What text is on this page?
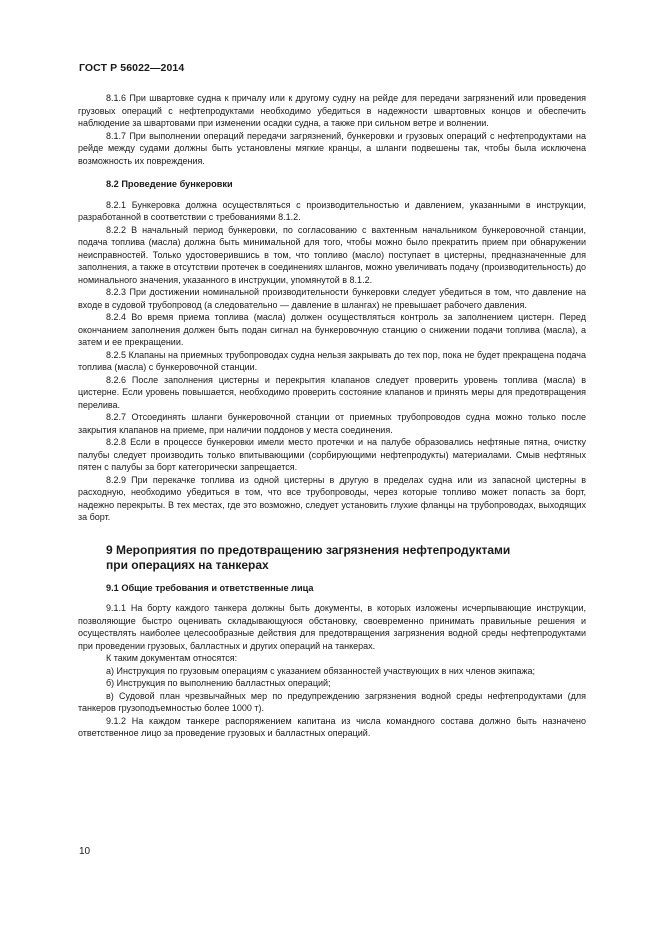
ГОСТ Р 56022—2014

8.1.6 При швартовке судна к причалу или к другому судну на рейде для передачи загрязнений или проведения грузовых операций с нефтепродуктами необходимо убедиться в надежности швартовных концов и обеспечить наблюдение за швартовами при изменении осадки судна, а также при сильном ветре и волнении.

8.1.7 При выполнении операций передачи загрязнений, бункеровки и грузовых операций с нефтепродуктами на рейде между судами должны быть установлены мягкие кранцы, а шланги подвешены так, чтобы была исключена возможность их повреждения.

8.2 Проведение бункеровки

8.2.1 Бункеровка должна осуществляться с производительностью и давлением, указанными в инструкции, разработанной в соответствии с требованиями 8.1.2.

8.2.2 В начальный период бункеровки, по согласованию с вахтенным начальником бункеровочной станции, подача топлива (масла) должна быть минимальной для того, чтобы можно было прекратить прием при обнаружении неисправностей. Только удостоверившись в том, что топливо (масло) поступает в цистерны, предназначенные для заполнения, а также в отсутствии протечек в соединениях шлангов, можно увеличивать подачу (производительность) до номинального значения, указанного в инструкции, упомянутой в 8.1.2.

8.2.3 При достижении номинальной производительности бункеровки следует убедиться в том, что давление на входе в судовой трубопровод (а следовательно — давление в шлангах) не превышает рабочего давления.

8.2.4 Во время приема топлива (масла) должен осуществляться контроль за заполнением цистерн. Перед окончанием заполнения должен быть подан сигнал на бункеровочную станцию о снижении подачи топлива (масла), а затем и ее прекращении.

8.2.5 Клапаны на приемных трубопроводах судна нельзя закрывать до тех пор, пока не будет прекращена подача топлива (масла) с бункеровочной станции.

8.2.6 После заполнения цистерны и перекрытия клапанов следует проверить уровень топлива (масла) в цистерне. Если уровень повышается, необходимо проверить состояние клапанов и принять меры для предотвращения перелива.

8.2.7 Отсоединять шланги бункеровочной станции от приемных трубопроводов судна можно только после закрытия клапанов на приеме, при наличии поддонов у места соединения.

8.2.8 Если в процессе бункеровки имели место протечки и на палубе образовались нефтяные пятна, очистку палубы следует производить только впитывающими (сорбирующими нефтепродукты) материалами. Смыв нефтяных пятен с палубы за борт категорически запрещается.

8.2.9 При перекачке топлива из одной цистерны в другую в пределах судна или из запасной цистерны в расходную, необходимо убедиться в том, что все трубопроводы, через которые топливо может попасть за борт, надежно перекрыты. В тех местах, где это возможно, следует установить глухие фланцы на трубопроводах, выходящих за борт.

9 Мероприятия по предотвращению загрязнения нефтепродуктами
при операциях на танкерах
9.1 Общие требования и ответственные лица

9.1.1 На борту каждого танкера должны быть документы, в которых изложены исчерпывающие инструкции, позволяющие быстро оценивать складывающуюся обстановку, своевременно принимать правильные решения и осуществлять наиболее целесообразные действия для предотвращения загрязнения водной среды нефтепродуктами при проведении грузовых, балластных и других операций на танкерах.

К таким документам относятся:

а) Инструкция по грузовым операциям с указанием обязанностей участвующих в них членов экипажа;

б) Инструкция по выполнению балластных операций;

в) Судовой план чрезвычайных мер по предупреждению загрязнения водной среды нефтепродуктами (для танкеров грузоподъемностью более 1000 т).

9.1.2 На каждом танкере распоряжением капитана из числа командного состава должно быть назначено ответственное лицо за проведение грузовых и балластных операций.

10
